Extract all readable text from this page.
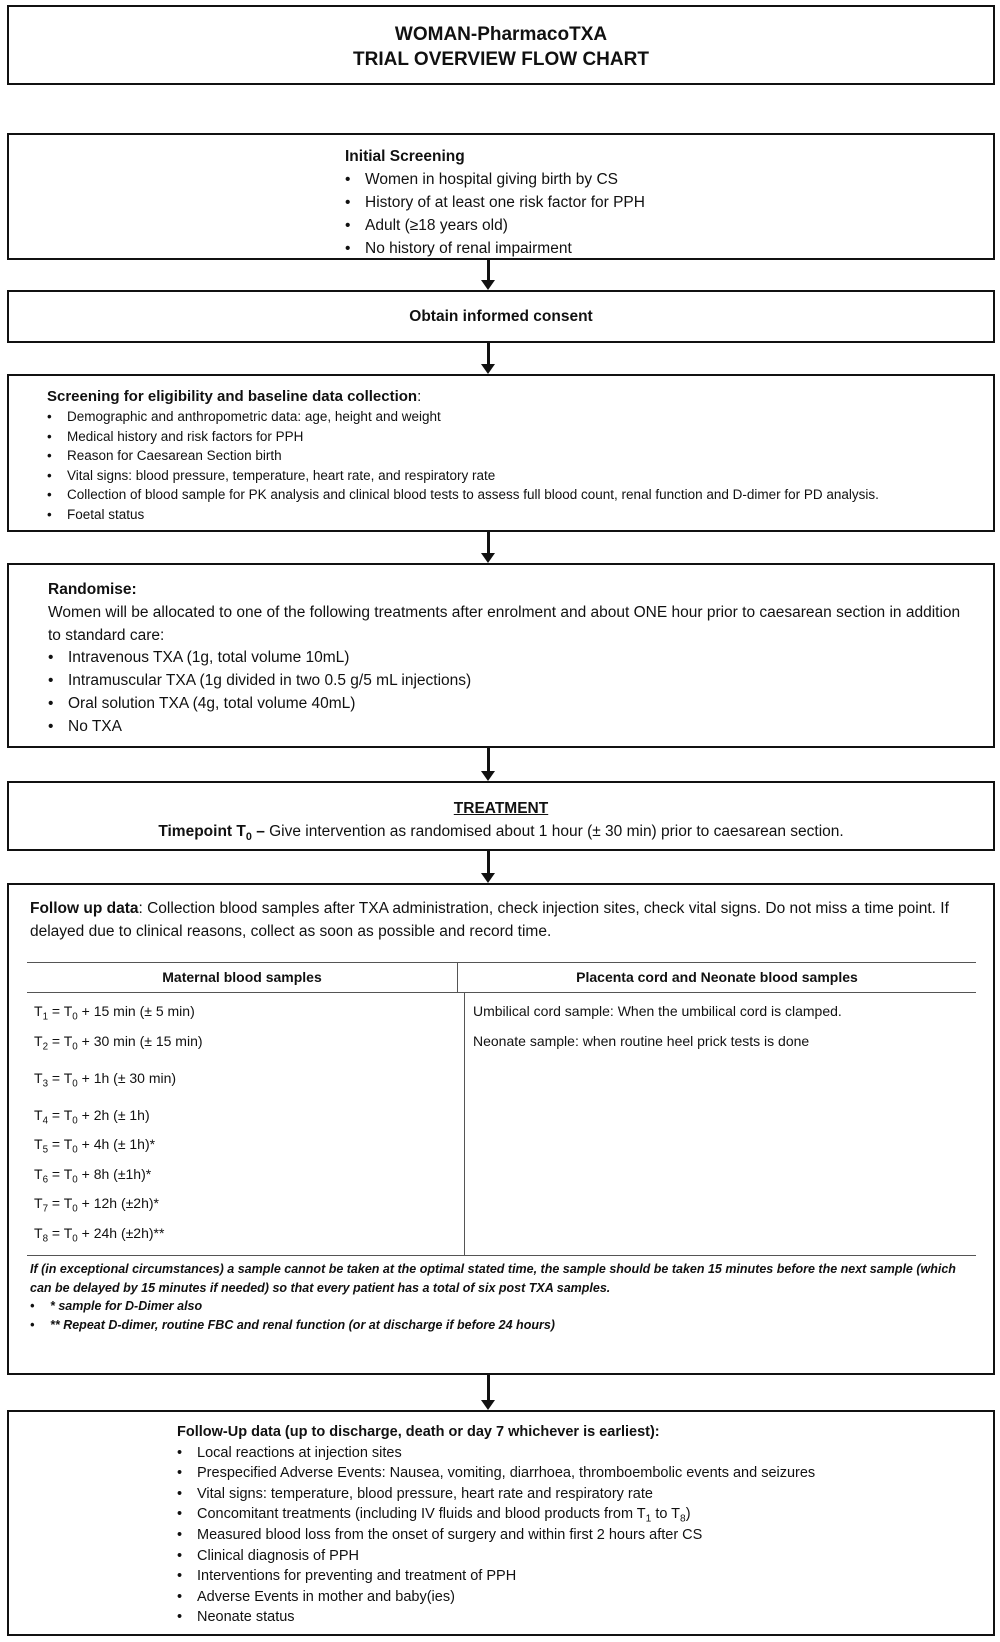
WOMAN-PharmacoTXA
TRIAL OVERVIEW FLOW CHART
Initial Screening
• Women in hospital giving birth by CS
• History of at least one risk factor for PPH
• Adult (≥18 years old)
• No history of renal impairment
Obtain informed consent
Screening for eligibility and baseline data collection:
• Demographic and anthropometric data: age, height and weight
• Medical history and risk factors for PPH
• Reason for Caesarean Section birth
• Vital signs: blood pressure, temperature, heart rate, and respiratory rate
• Collection of blood sample for PK analysis and clinical blood tests to assess full blood count, renal function and D-dimer for PD analysis.
• Foetal status
Randomise:
Women will be allocated to one of the following treatments after enrolment and about ONE hour prior to caesarean section in addition to standard care:
• Intravenous TXA (1g, total volume 10mL)
• Intramuscular TXA (1g divided in two 0.5 g/5 mL injections)
• Oral solution TXA (4g, total volume 40mL)
• No TXA
TREATMENT
Timepoint $T_0$ – Give intervention as randomised about 1 hour (± 30 min) prior to caesarean section.
Follow up data: Collection blood samples after TXA administration, check injection sites, check vital signs. Do not miss a time point. If delayed due to clinical reasons, collect as soon as possible and record time.
Maternal blood samples	Placenta cord and Neonate blood samples
$T_1 = T_0 + 15$ min (± 5 min)
$T_2 = T_0 + 30$ min (± 15 min)
$T_3 = T_0 + 1h$ (± 30 min)
$T_4 = T_0 + 2h$ (± 1h)
$T_5 = T_0 + 4h$ (± 1h)*
$T_6 = T_0 + 8h$ (±1h)*
$T_7 = T_0 + 12h$ (±2h)*
$T_8 = T_0 + 24h$ (±2h)**
Umbilical cord sample: When the umbilical cord is clamped.
Neonate sample: when routine heel prick tests is done
If (in exceptional circumstances) a sample cannot be taken at the optimal stated time, the sample should be taken 15 minutes before the next sample (which can be delayed by 15 minutes if needed) so that every patient has a total of six post TXA samples.
• * sample for D-Dimer also
• ** Repeat D-dimer, routine FBC and renal function (or at discharge if before 24 hours)
Follow-Up data (up to discharge, death or day 7 whichever is earliest):
• Local reactions at injection sites
• Prespecified Adverse Events: Nausea, vomiting, diarrhoea, thromboembolic events and seizures
• Vital signs: temperature, blood pressure, heart rate and respiratory rate
• Concomitant treatments (including IV fluids and blood products from $T_1$ to $T_8$)
• Measured blood loss from the onset of surgery and within first 2 hours after CS
• Clinical diagnosis of PPH
• Interventions for preventing and treatment of PPH
• Adverse Events in mother and baby(ies)
• Neonate status
